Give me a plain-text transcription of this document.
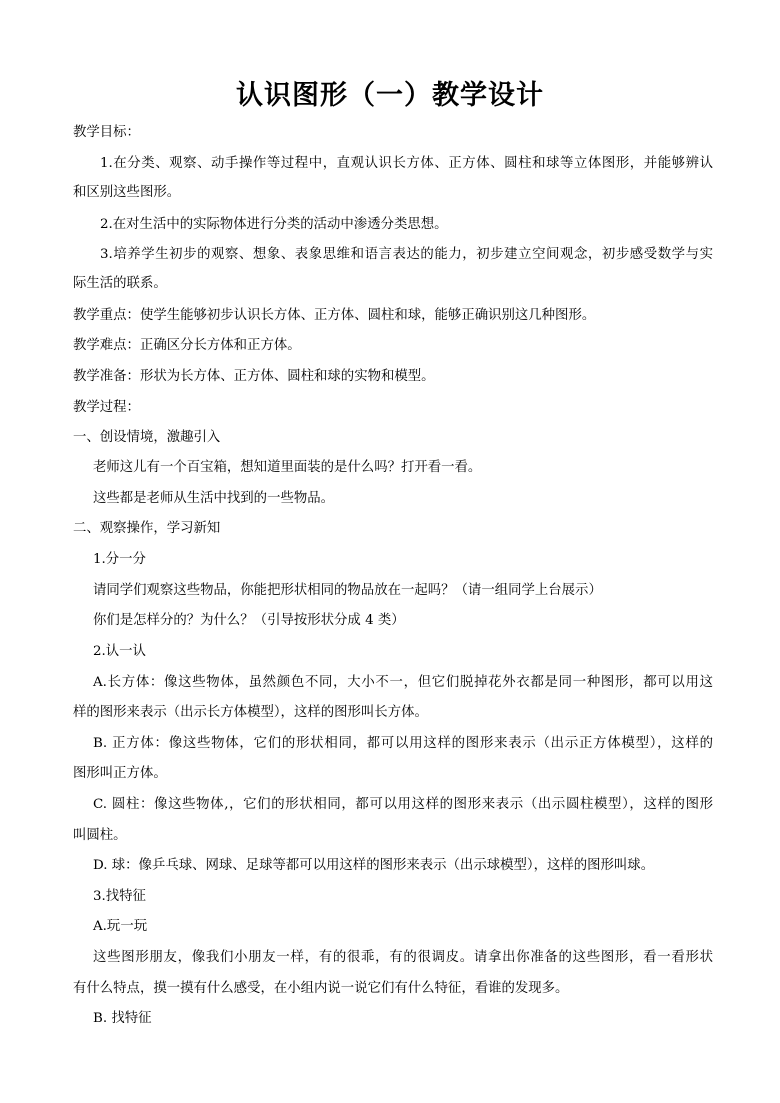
认识图形（一）教学设计
教学目标：
1.在分类、观察、动手操作等过程中，直观认识长方体、正方体、圆柱和球等立体图形，并能够辨认
和区别这些图形。
2.在对生活中的实际物体进行分类的活动中渗透分类思想。
3.培养学生初步的观察、想象、表象思维和语言表达的能力，初步建立空间观念，初步感受数学与实
际生活的联系。
教学重点：使学生能够初步认识长方体、正方体、圆柱和球，能够正确识别这几种图形。
教学难点：正确区分长方体和正方体。
教学准备：形状为长方体、正方体、圆柱和球的实物和模型。
教学过程：
一、创设情境，激趣引入
老师这儿有一个百宝箱，想知道里面装的是什么吗？打开看一看。
这些都是老师从生活中找到的一些物品。
二、观察操作，学习新知
1.分一分
请同学们观察这些物品，你能把形状相同的物品放在一起吗？（请一组同学上台展示）
你们是怎样分的？为什么？（引导按形状分成 4 类）
2.认一认
A.长方体：像这些物体，虽然颜色不同，大小不一，但它们脱掉花外衣都是同一种图形，都可以用这
样的图形来表示（出示长方体模型），这样的图形叫长方体。
B. 正方体：像这些物体，它们的形状相同，都可以用这样的图形来表示（出示正方体模型），这样的
图形叫正方体。
C. 圆柱：像这些物体,，它们的形状相同，都可以用这样的图形来表示（出示圆柱模型），这样的图形
叫圆柱。
D. 球：像乒乓球、网球、足球等都可以用这样的图形来表示（出示球模型），这样的图形叫球。
3.找特征
A.玩一玩
这些图形朋友，像我们小朋友一样，有的很乖，有的很调皮。请拿出你准备的这些图形，看一看形状
有什么特点，摸一摸有什么感受，在小组内说一说它们有什么特征，看谁的发现多。
B. 找特征
